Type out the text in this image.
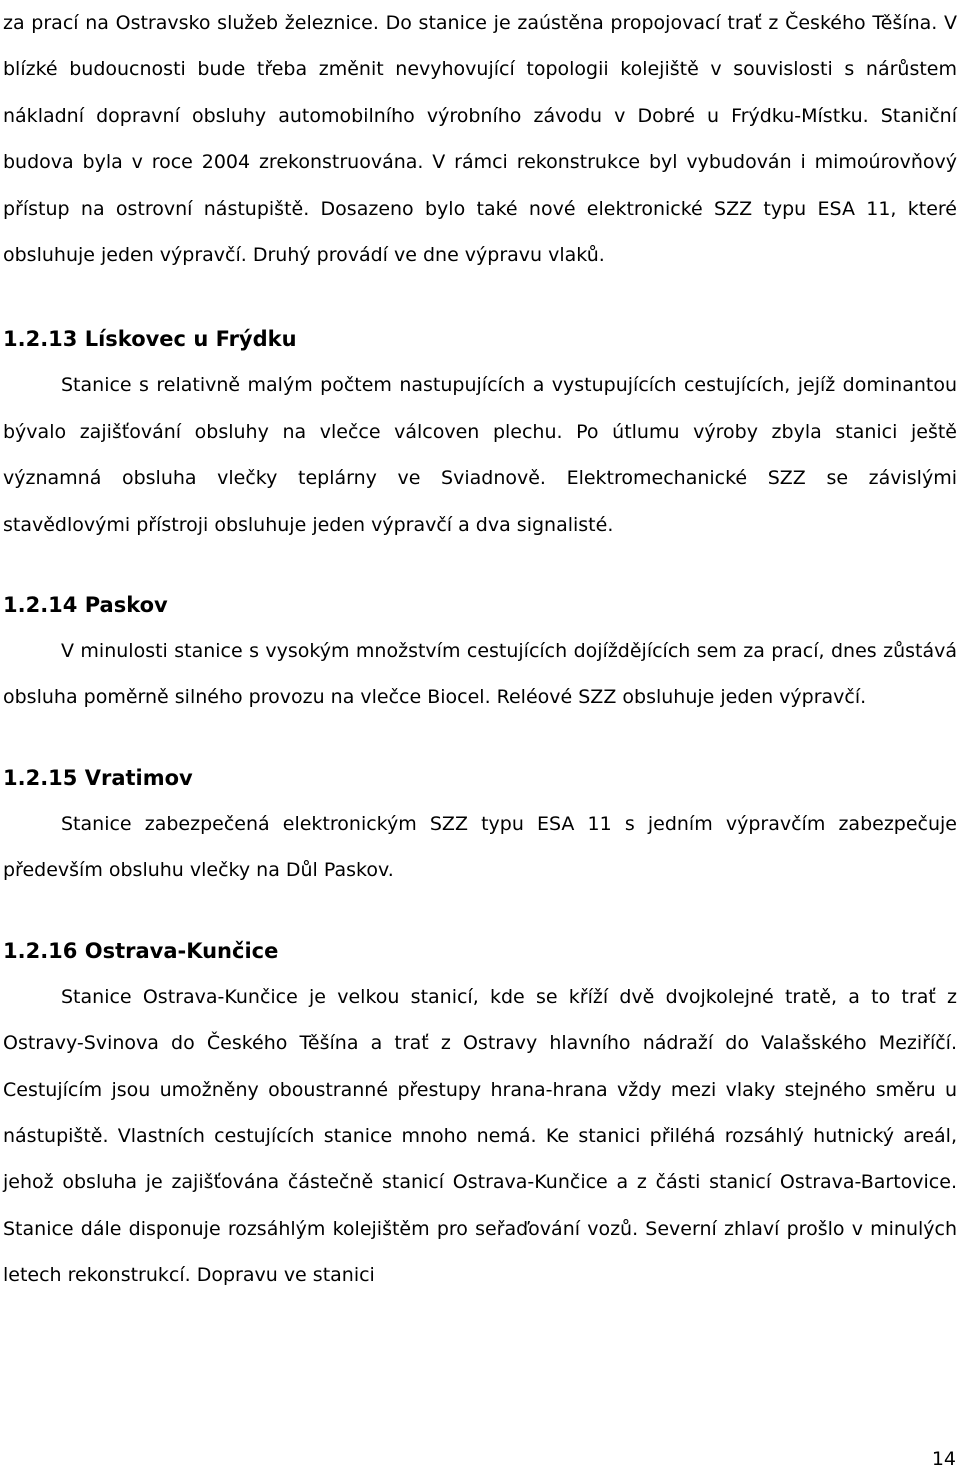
za prací na Ostravsko služeb železnice. Do stanice je zaústěna propojovací trať z Českého Těšína. V blízké budoucnosti bude třeba změnit nevyhovující topologii kolejiště v souvislosti s nárůstem nákladní dopravní obsluhy automobilního výrobního závodu v Dobré u Frýdku-Místku. Staniční budova byla v roce 2004 zrekonstruována. V rámci rekonstrukce byl vybudován i mimoúrovňový přístup na ostrovní nástupiště. Dosazeno bylo také nové elektronické SZZ typu ESA 11, které obsluhuje jeden výpravčí. Druhý provádí ve dne výpravu vlaků.

1.2.13 Lískovec u Frýdku

Stanice s relativně malým počtem nastupujících a vystupujících cestujících, jejíž dominantou bývalo zajišťování obsluhy na vlečce válcoven plechu. Po útlumu výroby zbyla stanici ještě významná obsluha vlečky teplárny ve Sviadnově. Elektromechanické SZZ se závislými stavědlovými přístroji obsluhuje jeden výpravčí a dva signalisté.

1.2.14 Paskov

V minulosti stanice s vysokým množstvím cestujících dojíždějících sem za prací, dnes zůstává obsluha poměrně silného provozu na vlečce Biocel. Reléové SZZ obsluhuje jeden výpravčí.

1.2.15 Vratimov

Stanice zabezpečená elektronickým SZZ typu ESA 11 s jedním výpravčím zabezpečuje především obsluhu vlečky na Důl Paskov.

1.2.16 Ostrava-Kunčice

Stanice Ostrava-Kunčice je velkou stanicí, kde se kříží dvě dvojkolejné tratě, a to trať z Ostravy-Svinova do Českého Těšína a trať z Ostravy hlavního nádraží do Valašského Meziříčí. Cestujícím jsou umožněny oboustranné přestupy hrana-hrana vždy mezi vlaky stejného směru u nástupiště. Vlastních cestujících stanice mnoho nemá. Ke stanici přiléhá rozsáhlý hutnický areál, jehož obsluha je zajišťována částečně stanicí Ostrava-Kunčice a z části stanicí Ostrava-Bartovice. Stanice dále disponuje rozsáhlým kolejištěm pro seřaďování vozů. Severní zhlaví prošlo v minulých letech rekonstrukcí. Dopravu ve stanici

14
